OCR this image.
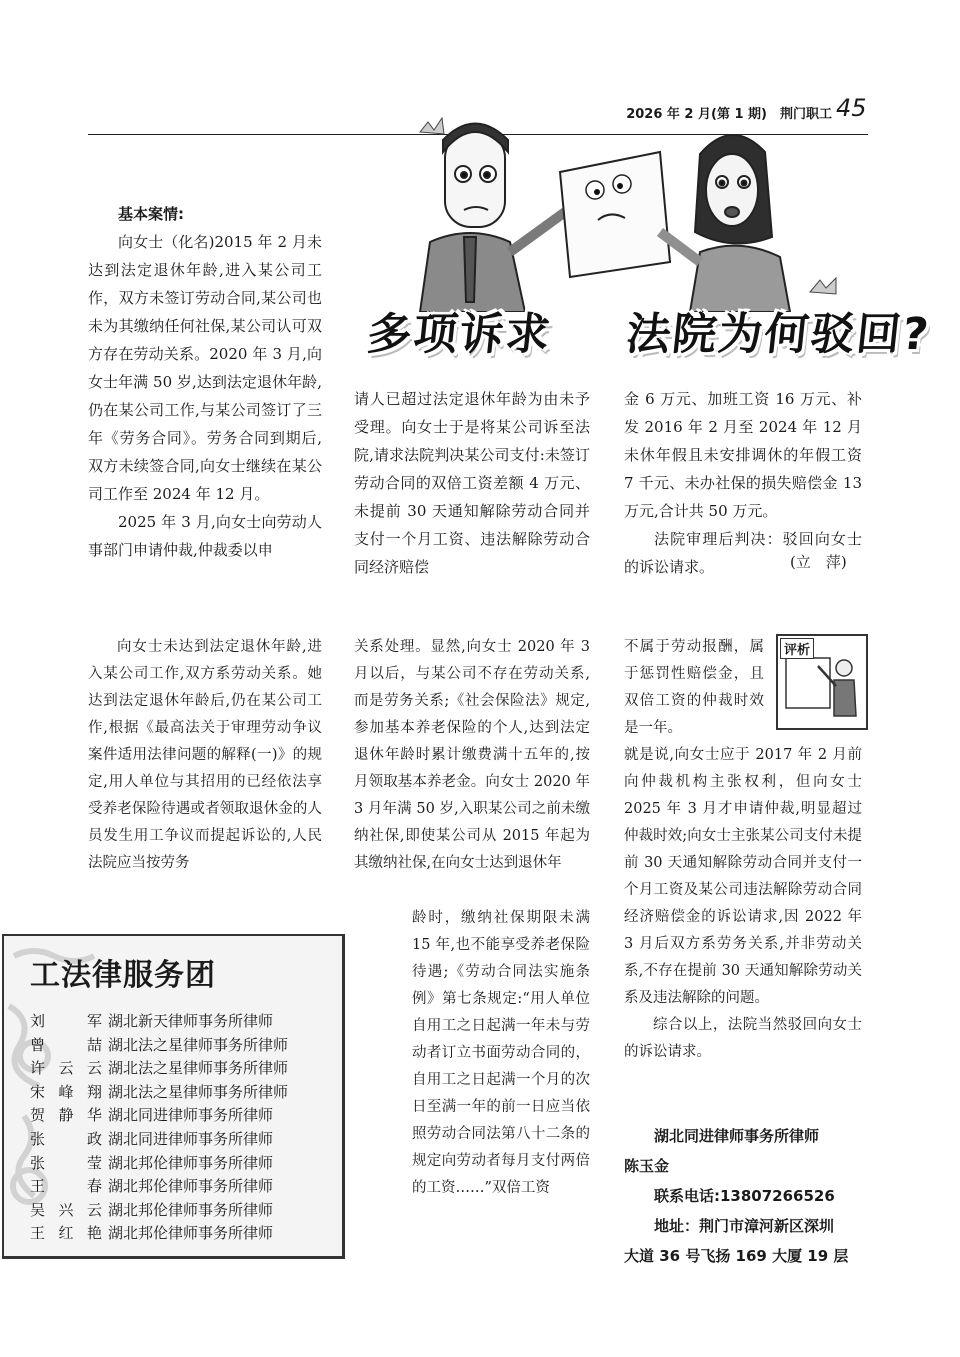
2026 年 2 月(第 1 期)　荆门职工 45
多项诉求 法院为何驳回?
基本案情:

向女士（化名)2015 年 2 月未达到法定退休年龄,进入某公司工作，双方未签订劳动合同,某公司也未为其缴纳任何社保,某公司认可双方存在劳动关系。2020 年 3 月,向女士年满 50 岁,达到法定退休年龄,仍在某公司工作,与某公司签订了三年《劳务合同》。劳务合同到期后,双方未续签合同,向女士继续在某公司工作至 2024 年 12 月。

2025 年 3 月,向女士向劳动人事部门申请仲裁,仲裁委以申

请人已超过法定退休年龄为由未予受理。向女士于是将某公司诉至法院,请求法院判决某公司支付:未签订劳动合同的双倍工资差额 4 万元、未提前 30 天通知解除劳动合同并支付一个月工资、违法解除劳动合同经济赔偿

金 6 万元、加班工资 16 万元、补发 2016 年 2 月至 2024 年 12 月未休年假且未安排调休的年假工资 7 千元、未办社保的损失赔偿金 13 万元,合计共 50 万元。

法院审理后判决：驳回向女士的诉讼请求。	(立　萍)

向女士未达到法定退休年龄,进入某公司工作,双方系劳动关系。她达到法定退休年龄后,仍在某公司工作,根据《最高法关于审理劳动争议案件适用法律问题的解释(一)》的规定,用人单位与其招用的已经依法享受养老保险待遇或者领取退休金的人员发生用工争议而提起诉讼的,人民法院应当按劳务

关系处理。显然,向女士 2020 年 3 月以后，与某公司不存在劳动关系,而是劳务关系;《社会保险法》规定,参加基本养老保险的个人,达到法定退休年龄时累计缴费满十五年的,按月领取基本养老金。向女士 2020 年 3 月年满 50 岁,入职某公司之前未缴纳社保,即使某公司从 2015 年起为其缴纳社保,在向女士达到退休年

龄时，缴纳社保期限未满 15 年,也不能享受养老保险待遇;《劳动合同法实施条例》第七条规定:“用人单位自用工之日起满一年未与劳动者订立书面劳动合同的，自用工之日起满一个月的次日至满一年的前一日应当依照劳动合同法第八十二条的规定向劳动者每月支付两倍的工资……”双倍工资

不属于劳动报酬，属于惩罚性赔偿金，且双倍工资的仲裁时效是一年。

评析

就是说,向女士应于 2017 年 2 月前向仲裁机构主张权利，但向女士 2025 年 3 月才申请仲裁,明显超过仲裁时效;向女士主张某公司支付未提前 30 天通知解除劳动合同并支付一个月工资及某公司违法解除劳动合同经济赔偿金的诉讼请求,因 2022 年 3 月后双方系劳务关系,并非劳动关系,不存在提前 30 天通知解除劳动关系及违法解除的问题。

综合以上，法院当然驳回向女士的诉讼请求。

湖北同进律师事务所律师
陈玉金
联系电话:13807266526
地址：荆门市漳河新区深圳
大道 36 号飞扬 169 大厦 19 层
工法律服务团
刘　军 湖北新天律师事务所律师
曾　喆 湖北法之星律师事务所律师
许云云 湖北法之星律师事务所律师
宋峰翔 湖北法之星律师事务所律师
贺静华 湖北同进律师事务所律师
张　政 湖北同进律师事务所律师
张　莹 湖北邦伦律师事务所律师
王　春 湖北邦伦律师事务所律师
吴兴云 湖北邦伦律师事务所律师
王红艳 湖北邦伦律师事务所律师
